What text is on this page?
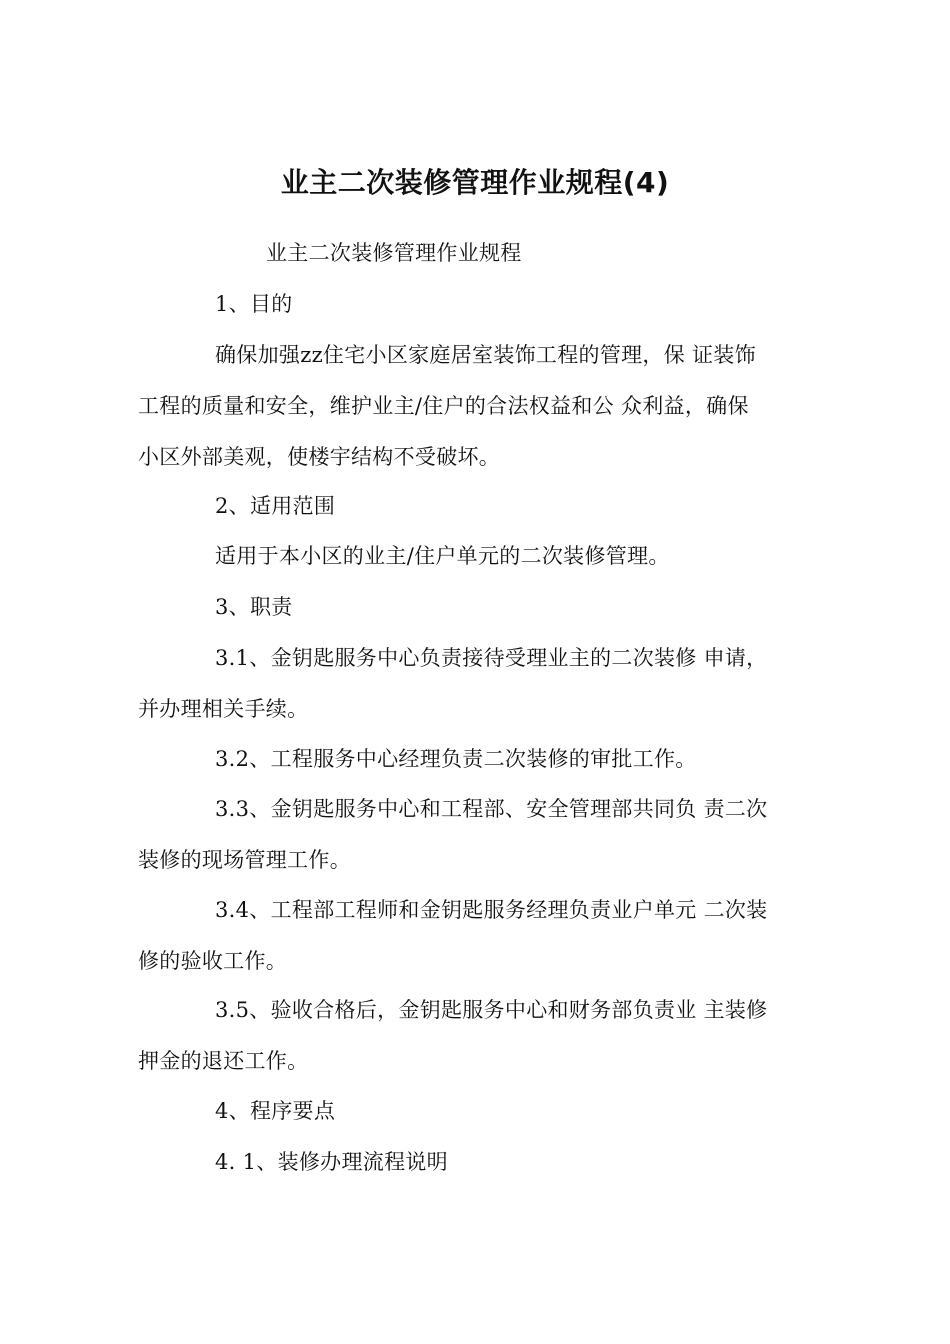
业主二次装修管理作业规程(4)
业主二次装修管理作业规程
1、目的
确保加强zz住宅小区家庭居室装饰工程的管理，保 证装饰
工程的质量和安全，维护业主/住户的合法权益和公 众利益，确保
小区外部美观，使楼宇结构不受破坏。
2、适用范围
适用于本小区的业主/住户单元的二次装修管理。
3、职责
3.1、金钥匙服务中心负责接待受理业主的二次装修 申请，
并办理相关手续。
3.2、工程服务中心经理负责二次装修的审批工作。
3.3、金钥匙服务中心和工程部、安全管理部共同负 责二次
装修的现场管理工作。
3.4、工程部工程师和金钥匙服务经理负责业户单元 二次装
修的验收工作。
3.5、验收合格后，金钥匙服务中心和财务部负责业 主装修
押金的退还工作。
4、程序要点
4. 1、装修办理流程说明
